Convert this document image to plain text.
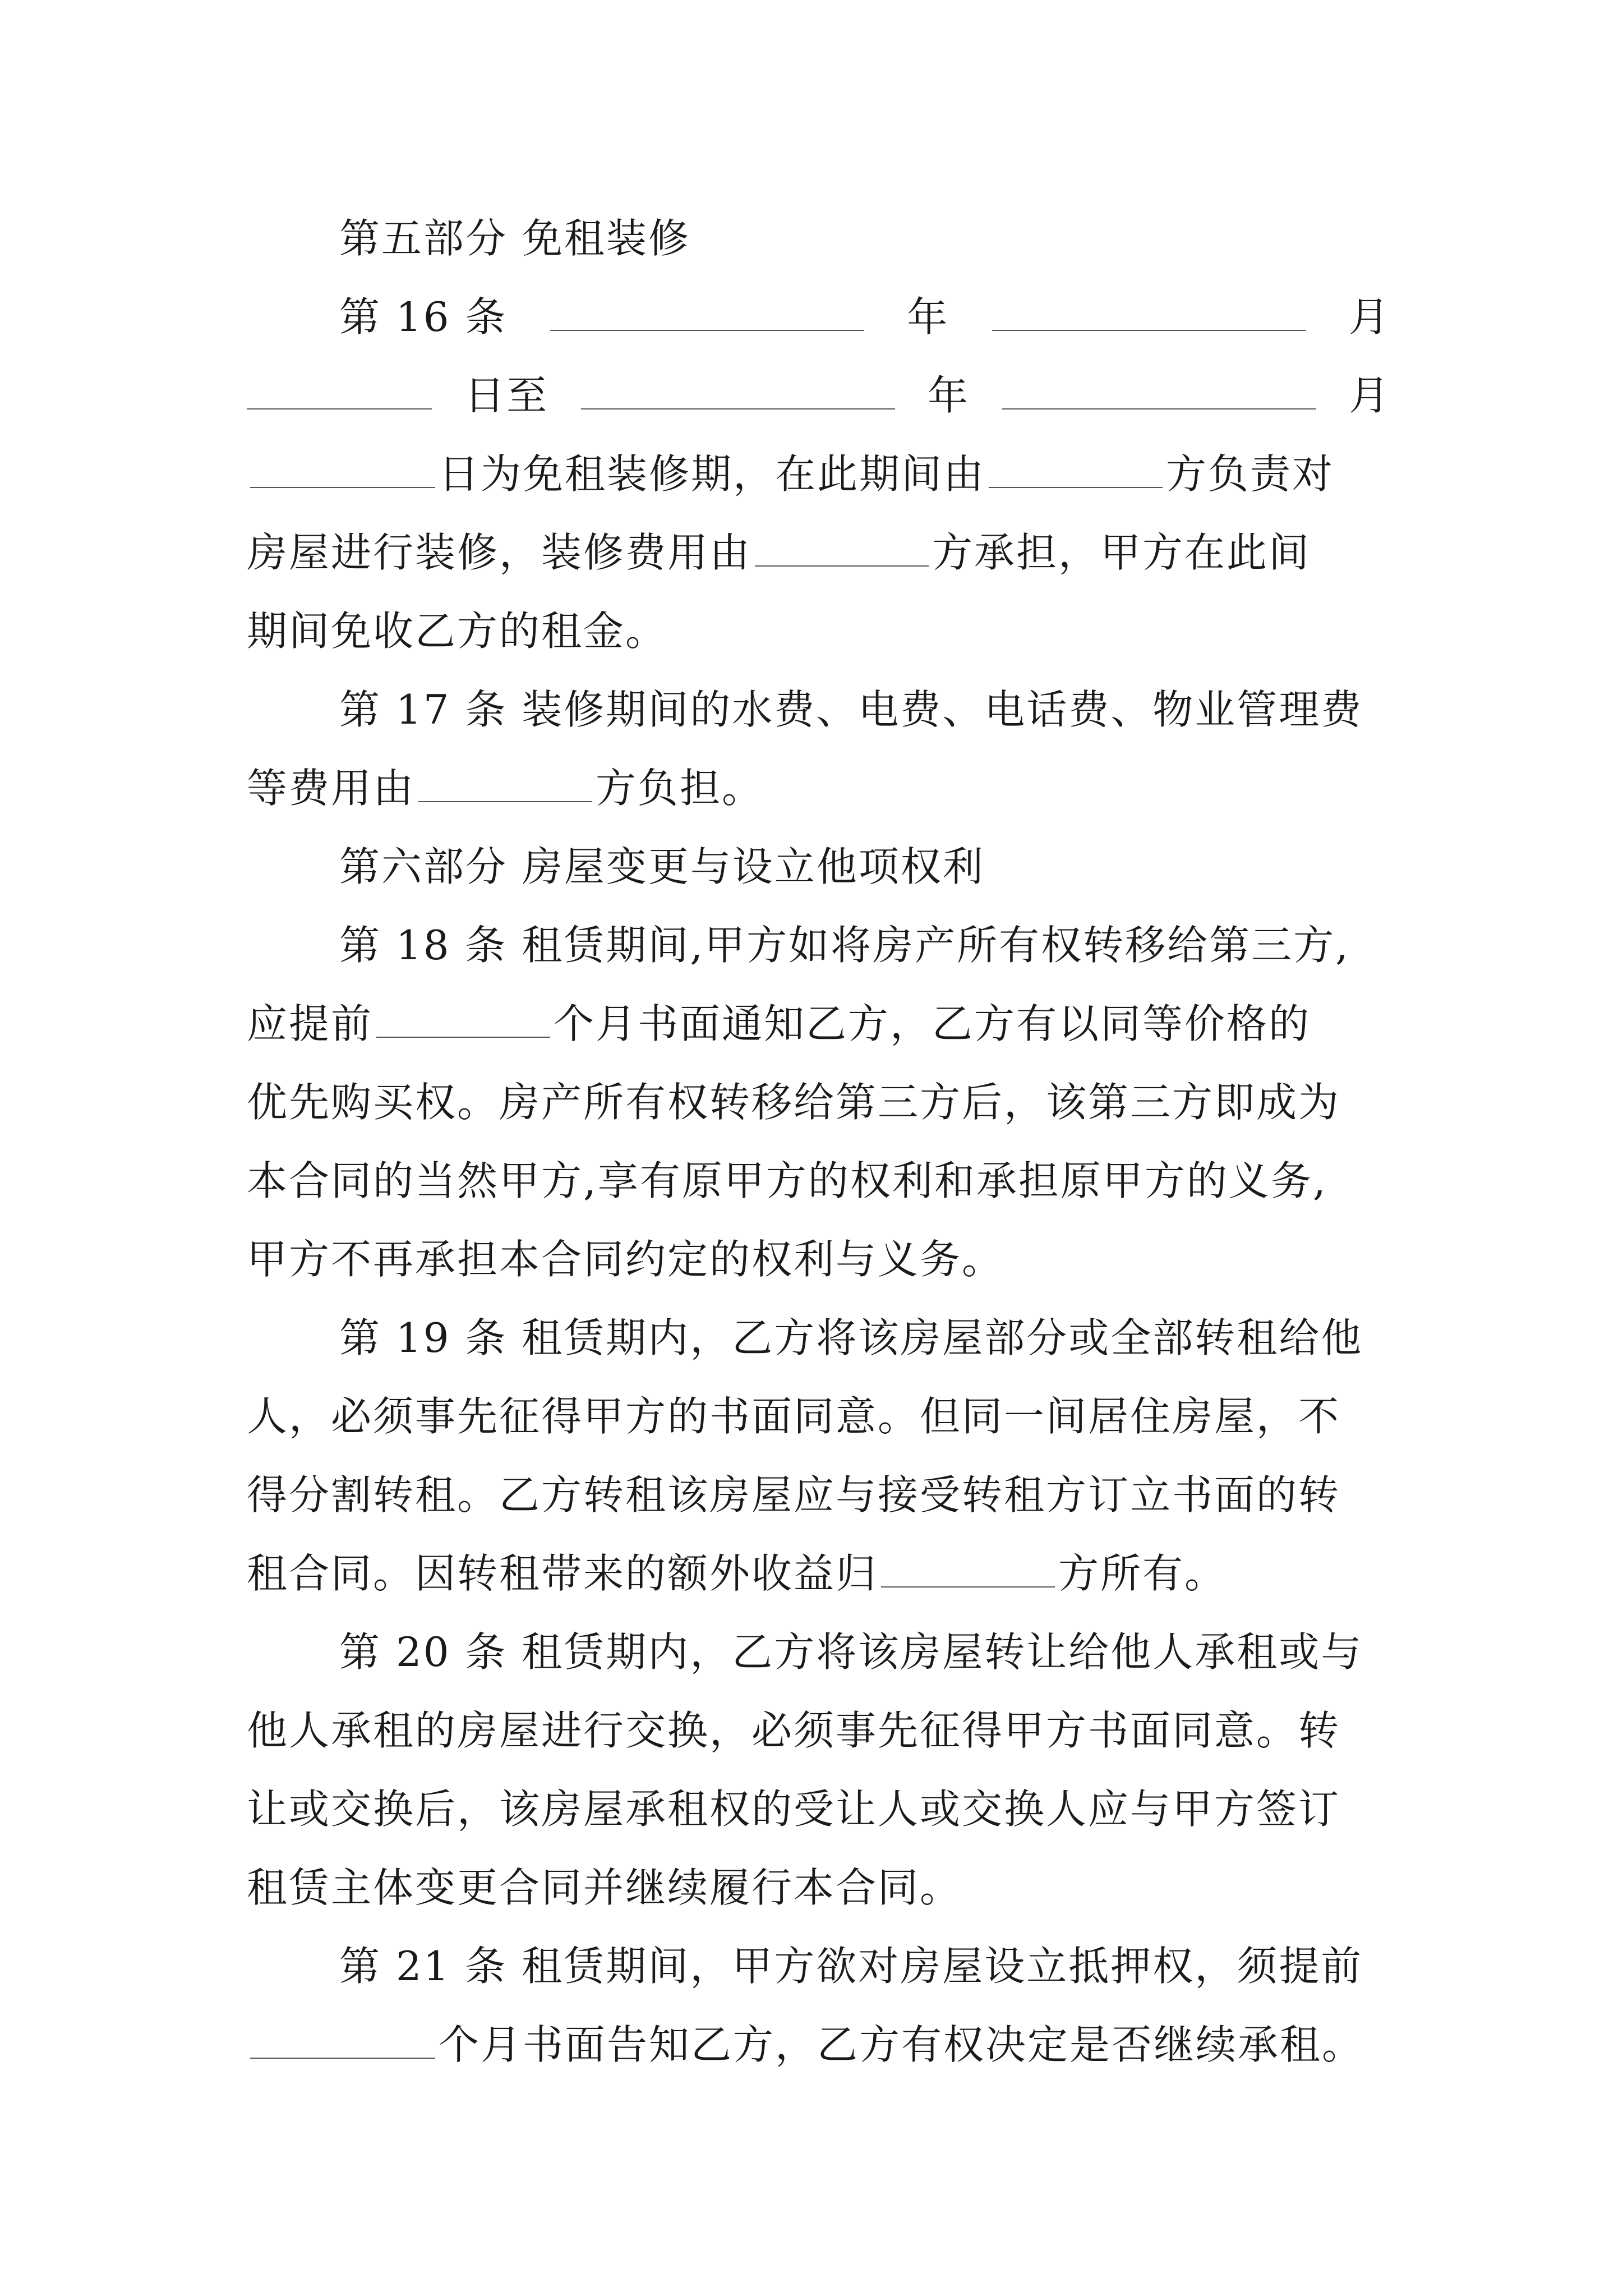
第五部分 免租装修
第 16 条	年	月
日至	年	月
日为免租装修期，在此期间由	方负责对
房屋进行装修，装修费用由	方承担，甲方在此间
期间免收乙方的租金。
第 17 条 装修期间的水费、电费、电话费、物业管理费
等费用由	方负担。
第六部分 房屋变更与设立他项权利
第 18 条 租赁期间,甲方如将房产所有权转移给第三方,
应提前	个月书面通知乙方，乙方有以同等价格的
优先购买权。房产所有权转移给第三方后，该第三方即成为
本合同的当然甲方,享有原甲方的权利和承担原甲方的义务,
甲方不再承担本合同约定的权利与义务。
第 19 条 租赁期内，乙方将该房屋部分或全部转租给他
人，必须事先征得甲方的书面同意。但同一间居住房屋，不
得分割转租。乙方转租该房屋应与接受转租方订立书面的转
租合同。因转租带来的额外收益归	方所有。
第 20 条 租赁期内，乙方将该房屋转让给他人承租或与
他人承租的房屋进行交换，必须事先征得甲方书面同意。转
让或交换后，该房屋承租权的受让人或交换人应与甲方签订
租赁主体变更合同并继续履行本合同。
第 21 条 租赁期间，甲方欲对房屋设立抵押权，须提前
个月书面告知乙方，乙方有权决定是否继续承租。
